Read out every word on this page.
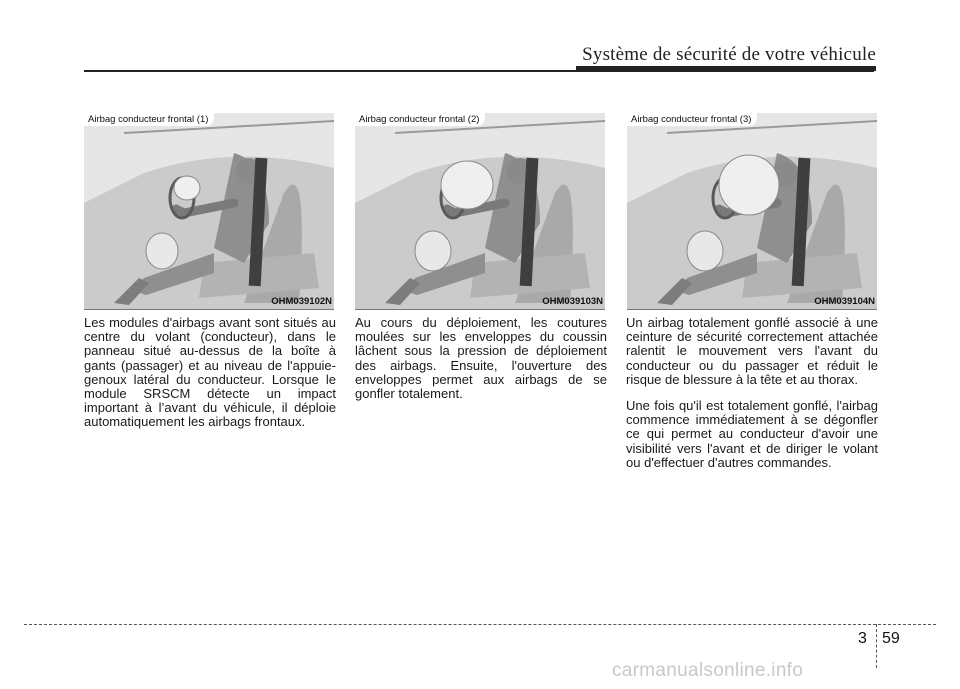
Système de sécurité de votre véhicule
Airbag conducteur frontal (1)
OHM039102N
Airbag conducteur frontal (2)
OHM039103N
Airbag conducteur frontal (3)
OHM039104N

Les modules d'airbags avant sont situés au centre du volant (conducteur), dans le panneau situé au-dessus de la boîte à gants (passager) et au niveau de l'appuie-genoux latéral du conducteur. Lorsque le module SRSCM détecte un impact important à l’avant du véhicule, il déploie automatiquement les airbags frontaux.

Au cours du déploiement, les coutures moulées sur les enveloppes du coussin lâchent sous la pression de déploiement des airbags. Ensuite, l'ouverture des enveloppes permet aux airbags de se gonfler totalement.

Un airbag totalement gonflé associé à une ceinture de sécurité correctement attachée ralentit le mouvement vers l'avant du conducteur ou du passager et réduit le risque de blessure à la tête et au thorax.

Une fois qu'il est totalement gonflé, l'airbag commence immédiatement à se dégonfler ce qui permet au conducteur d'avoir une visibilité vers l'avant et de diriger le volant ou d'effectuer d'autres commandes.

3 59
carmanualsonline.info
